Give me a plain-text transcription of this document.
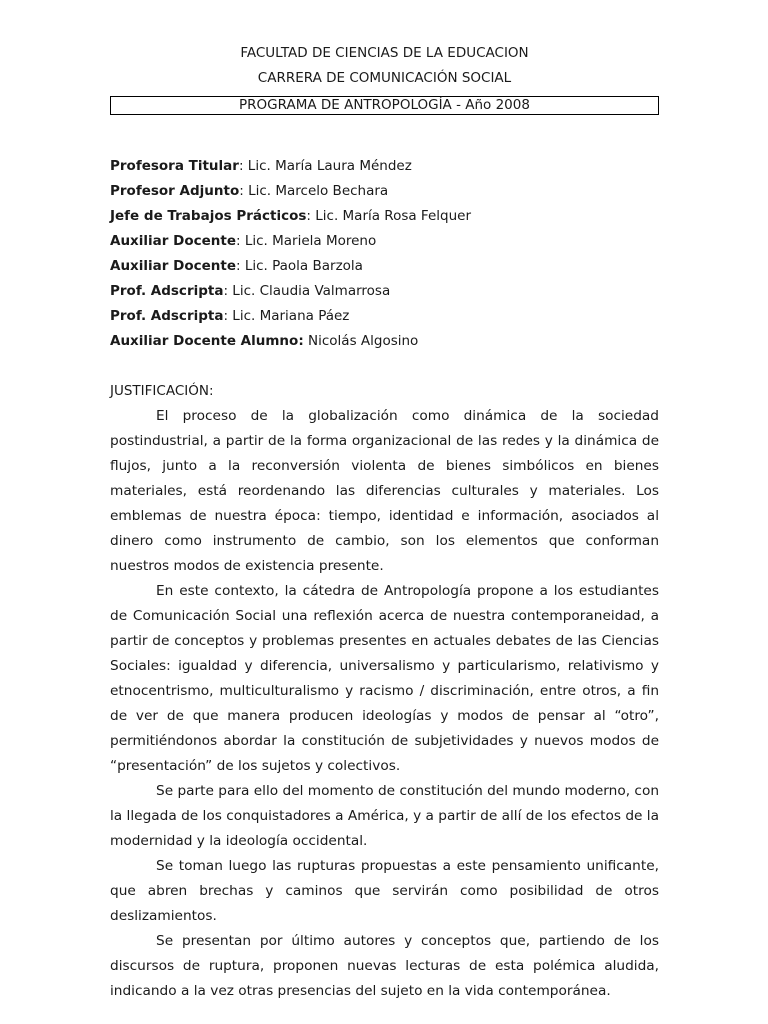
FACULTAD DE CIENCIAS DE LA EDUCACION
CARRERA DE COMUNICACIÓN SOCIAL
PROGRAMA DE ANTROPOLOGÍA - Año 2008
Profesora Titular: Lic. María Laura Méndez
Profesor Adjunto: Lic. Marcelo Bechara
Jefe de Trabajos Prácticos: Lic. María Rosa Felquer
Auxiliar Docente: Lic. Mariela Moreno
Auxiliar Docente: Lic. Paola Barzola
Prof. Adscripta: Lic. Claudia Valmarrosa
Prof. Adscripta: Lic. Mariana Páez
Auxiliar Docente Alumno: Nicolás Algosino
JUSTIFICACIÓN:

El proceso de la globalización como dinámica de la sociedad postindustrial, a partir de la forma organizacional de las redes y la dinámica de flujos, junto a la reconversión violenta de bienes simbólicos en bienes materiales, está reordenando las diferencias culturales y materiales. Los emblemas de nuestra época: tiempo, identidad e información, asociados al dinero como instrumento de cambio, son los elementos que conforman nuestros modos de existencia presente.

En este contexto, la cátedra de Antropología propone a los estudiantes de Comunicación Social una reflexión acerca de nuestra contemporaneidad, a partir de conceptos y problemas presentes en actuales debates de las Ciencias Sociales: igualdad y diferencia, universalismo y particularismo, relativismo y etnocentrismo, multiculturalismo y racismo / discriminación, entre otros, a fin de ver de que manera producen ideologías y modos de pensar al “otro”, permitiéndonos abordar la constitución de subjetividades y nuevos modos de “presentación” de los sujetos y colectivos.

Se parte para ello del momento de constitución del mundo moderno, con la llegada de los conquistadores a América, y a partir de allí de los efectos de la modernidad y la ideología occidental.

Se toman luego las rupturas propuestas a este pensamiento unificante, que abren brechas y caminos que servirán como posibilidad de otros deslizamientos.

Se presentan por último autores y conceptos que, partiendo de los discursos de ruptura, proponen nuevas lecturas de esta polémica aludida, indicando a la vez otras presencias del sujeto en la vida contemporánea.
